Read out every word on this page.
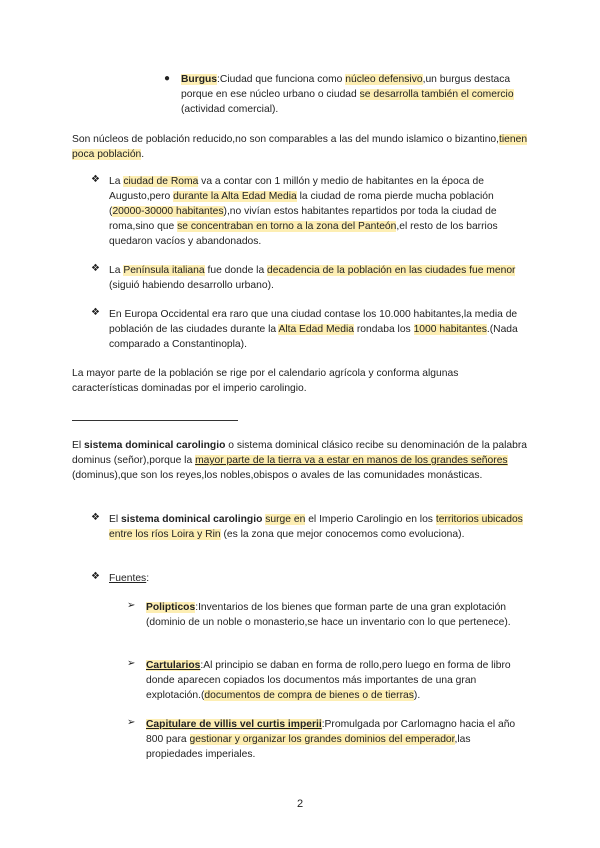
● Burgus:Ciudad que funciona como núcleo defensivo,un burgus destaca porque en ese núcleo urbano o ciudad se desarrolla también el comercio (actividad comercial).
Son núcleos de población reducido,no son comparables a las del mundo islamico o bizantino,tienen poca población.
❖ La ciudad de Roma va a contar con 1 millón y medio de habitantes en la época de Augusto,pero durante la Alta Edad Media la ciudad de roma pierde mucha población (20000-30000 habitantes),no vivían estos habitantes repartidos por toda la ciudad de roma,sino que se concentraban en torno a la zona del Panteón,el resto de los barrios quedaron vacíos y abandonados.
❖ La Península italiana fue donde la decadencia de la población en las ciudades fue menor (siguió habiendo desarrollo urbano).
❖ En Europa Occidental era raro que una ciudad contase los 10.000 habitantes,la media de población de las ciudades durante la Alta Edad Media rondaba los 1000 habitantes.(Nada comparado a Constantinopla).
La mayor parte de la población se rige por el calendario agrícola y conforma algunas características dominadas por el imperio carolingio.
El sistema dominical carolingio o sistema dominical clásico recibe su denominación de la palabra dominus (señor),porque la mayor parte de la tierra va a estar en manos de los grandes señores (dominus),que son los reyes,los nobles,obispos o avales de las comunidades monásticas.
❖ El sistema dominical carolingio surge en el Imperio Carolingio en los territorios ubicados entre los ríos Loira y Rin (es la zona que mejor conocemos como evoluciona).
❖ Fuentes:
➢ Polipticos:Inventarios de los bienes que forman parte de una gran explotación (dominio de un noble o monasterio,se hace un inventario con lo que pertenece).
➢ Cartularios:Al principio se daban en forma de rollo,pero luego en forma de libro donde aparecen copiados los documentos más importantes de una gran explotación.(documentos de compra de bienes o de tierras).
➢ Capitulare de villis vel curtis imperii:Promulgada por Carlomagno hacia el año 800 para gestionar y organizar los grandes dominios del emperador,las propiedades imperiales.
2
